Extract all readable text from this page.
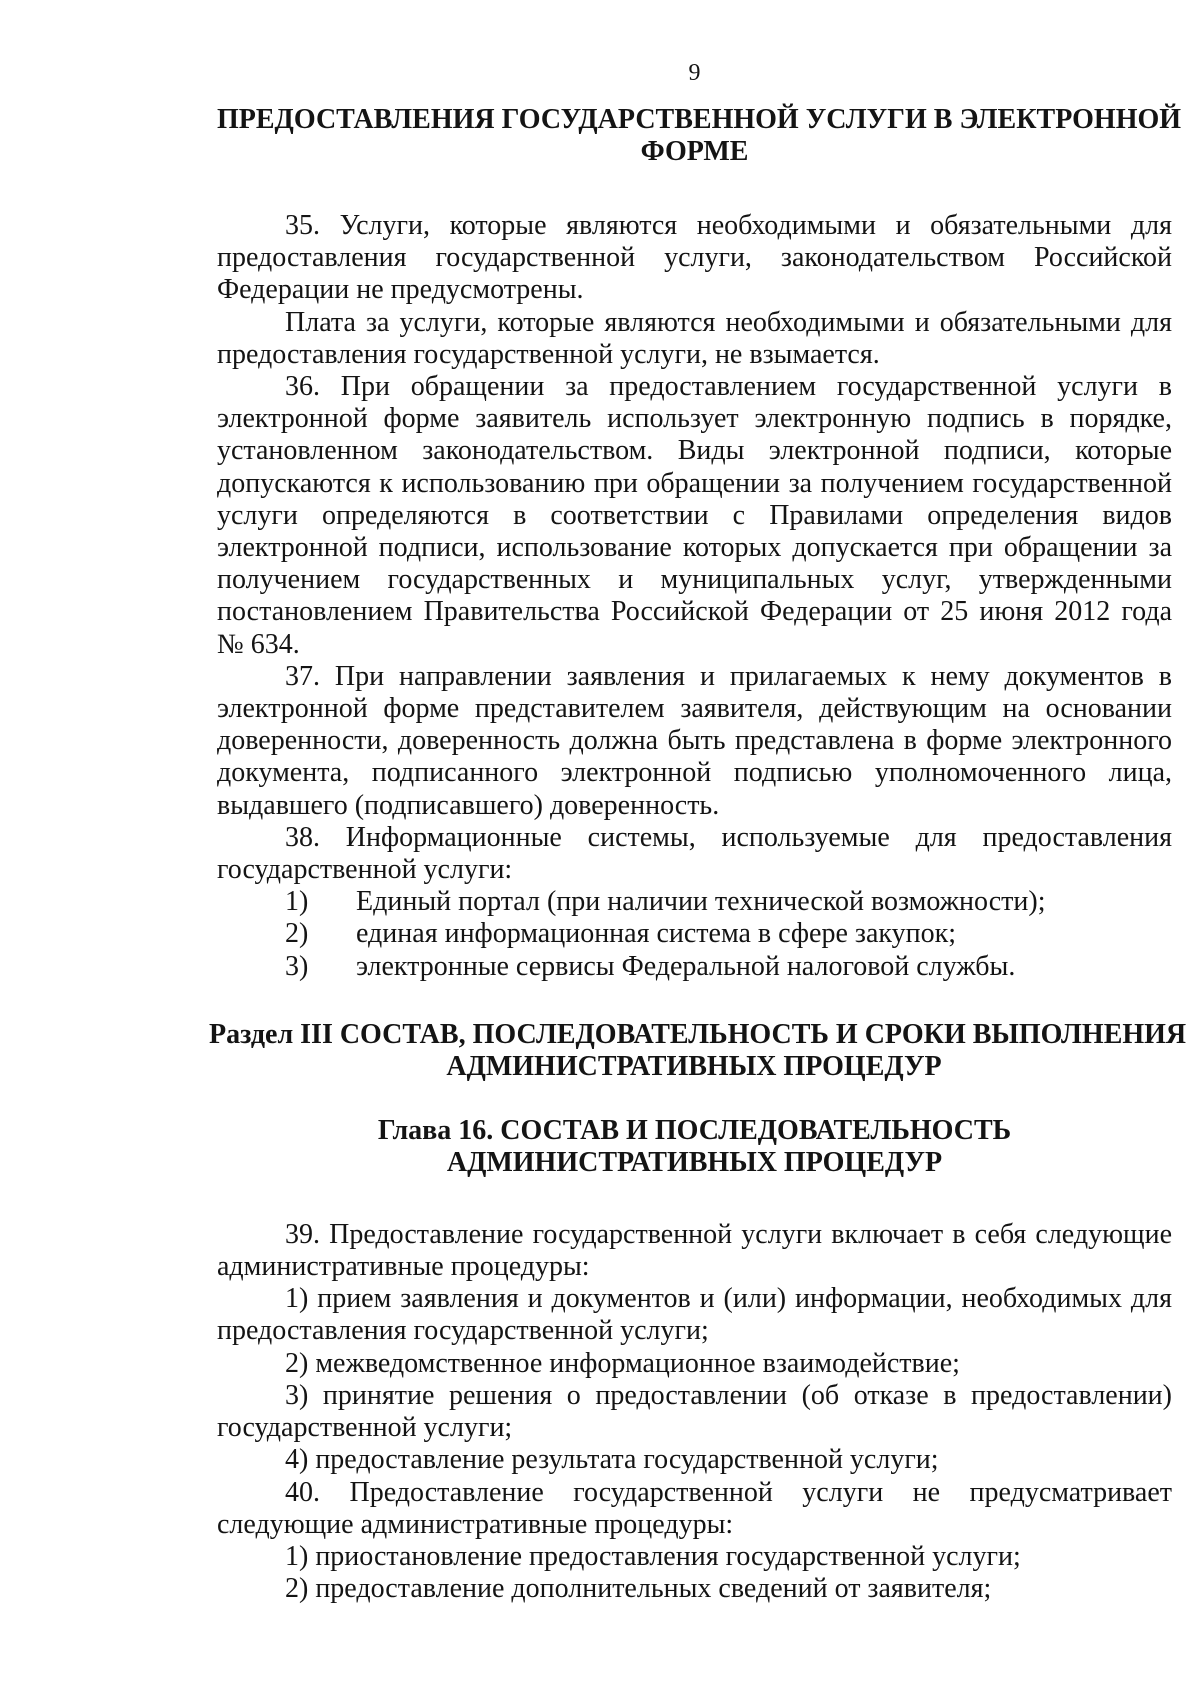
9
ПРЕДОСТАВЛЕНИЯ ГОСУДАРСТВЕННОЙ УСЛУГИ В ЭЛЕКТРОННОЙ
ФОРМЕ

35. Услуги, которые являются необходимыми и обязательными для предоставления государственной услуги, законодательством Российской Федерации не предусмотрены.

Плата за услуги, которые являются необходимыми и обязательными для предоставления государственной услуги, не взымается.

36. При обращении за предоставлением государственной услуги в электронной форме заявитель использует электронную подпись в порядке, установленном законодательством. Виды электронной подписи, которые допускаются к использованию при обращении за получением государственной услуги определяются в соответствии с Правилами определения видов электронной подписи, использование которых допускается при обращении за получением государственных и муниципальных услуг, утвержденными постановлением Правительства Российской Федерации от 25 июня 2012 года № 634.

37. При направлении заявления и прилагаемых к нему документов в электронной форме представителем заявителя, действующим на основании доверенности, доверенность должна быть представлена в форме электронного документа, подписанного электронной подписью уполномоченного лица, выдавшего (подписавшего) доверенность.

38. Информационные системы, используемые для предоставления государственной услуги:

1) Единый портал (при наличии технической возможности);

2) единая информационная система в сфере закупок;

3) электронные сервисы Федеральной налоговой службы.

Раздел III СОСТАВ, ПОСЛЕДОВАТЕЛЬНОСТЬ И СРОКИ ВЫПОЛНЕНИЯ
АДМИНИСТРАТИВНЫХ ПРОЦЕДУР
Глава 16. СОСТАВ И ПОСЛЕДОВАТЕЛЬНОСТЬ
АДМИНИСТРАТИВНЫХ ПРОЦЕДУР

39. Предоставление государственной услуги включает в себя следующие административные процедуры:

1) прием заявления и документов и (или) информации, необходимых для предоставления государственной услуги;

2) межведомственное информационное взаимодействие;

3) принятие решения о предоставлении (об отказе в предоставлении) государственной услуги;

4) предоставление результата государственной услуги;

40. Предоставление государственной услуги не предусматривает следующие административные процедуры:

1) приостановление предоставления государственной услуги;

2) предоставление дополнительных сведений от заявителя;
